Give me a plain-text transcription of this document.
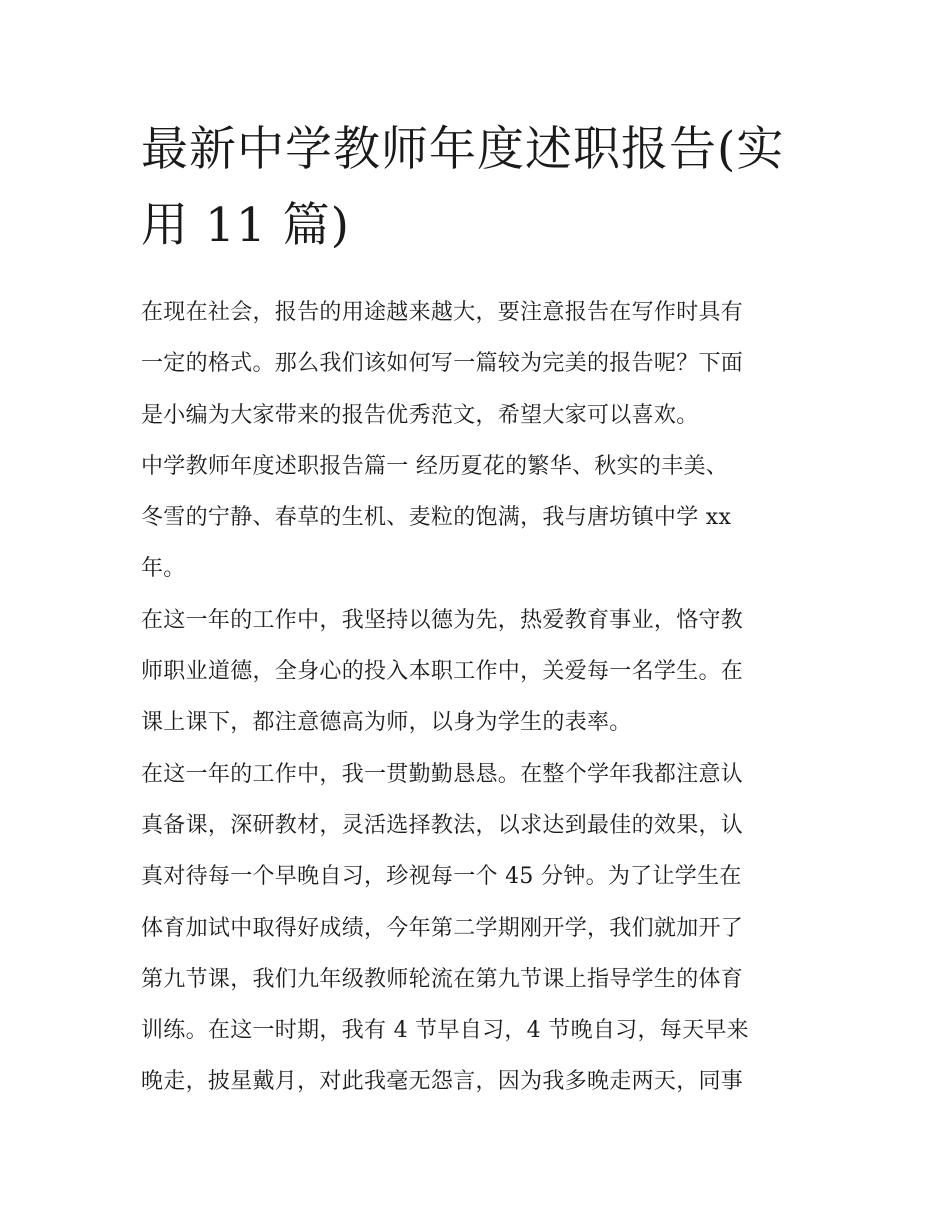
最新中学教师年度述职报告(实
用 11 篇)
在现在社会，报告的用途越来越大，要注意报告在写作时具有
一定的格式。那么我们该如何写一篇较为完美的报告呢？下面
是小编为大家带来的报告优秀范文，希望大家可以喜欢。
中学教师年度述职报告篇一 经历夏花的繁华、秋实的丰美、
冬雪的宁静、春草的生机、麦粒的饱满，我与唐坊镇中学 xx
年。
在这一年的工作中，我坚持以德为先，热爱教育事业，恪守教
师职业道德，全身心的投入本职工作中，关爱每一名学生。在
课上课下，都注意德高为师，以身为学生的表率。
在这一年的工作中，我一贯勤勤恳恳。在整个学年我都注意认
真备课，深研教材，灵活选择教法，以求达到最佳的效果，认
真对待每一个早晚自习，珍视每一个 45 分钟。为了让学生在
体育加试中取得好成绩，今年第二学期刚开学，我们就加开了
第九节课，我们九年级教师轮流在第九节课上指导学生的体育
训练。在这一时期，我有 4 节早自习，4 节晚自习，每天早来
晚走，披星戴月，对此我毫无怨言，因为我多晚走两天，同事
